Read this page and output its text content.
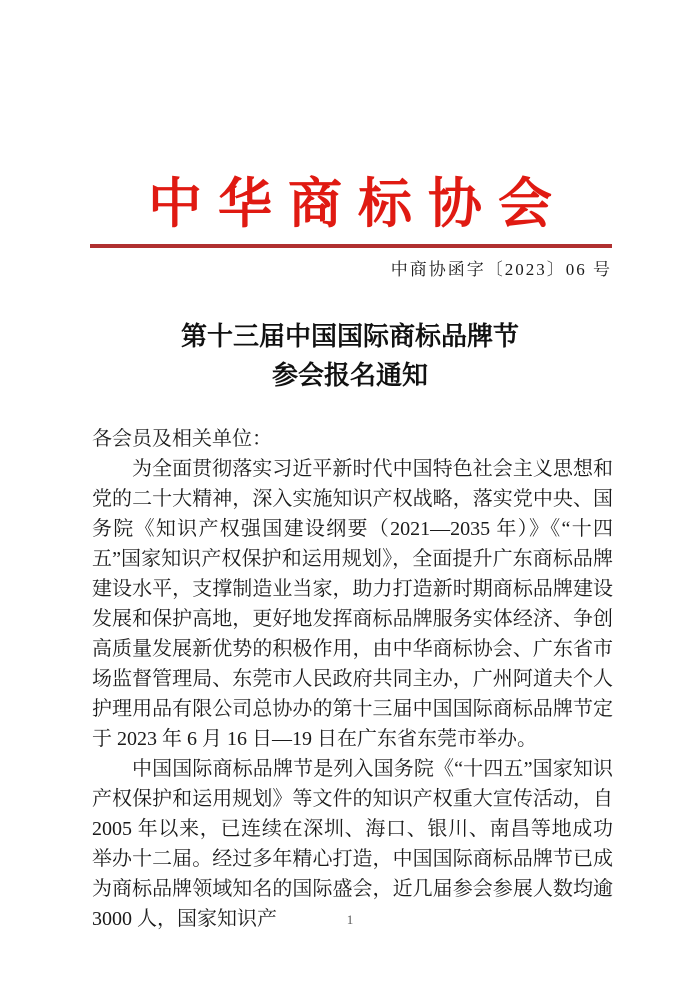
中华商标协会
中商协函字〔2023〕06 号
第十三届中国国际商标品牌节
参会报名通知

各会员及相关单位：

为全面贯彻落实习近平新时代中国特色社会主义思想和党的二十大精神，深入实施知识产权战略，落实党中央、国务院《知识产权强国建设纲要（2021—2035 年）》《“十四五”国家知识产权保护和运用规划》，全面提升广东商标品牌建设水平，支撑制造业当家，助力打造新时期商标品牌建设发展和保护高地，更好地发挥商标品牌服务实体经济、争创高质量发展新优势的积极作用，由中华商标协会、广东省市场监督管理局、东莞市人民政府共同主办，广州阿道夫个人护理用品有限公司总协办的第十三届中国国际商标品牌节定于 2023 年 6 月 16 日—19 日在广东省东莞市举办。

中国国际商标品牌节是列入国务院《“十四五”国家知识产权保护和运用规划》等文件的知识产权重大宣传活动，自 2005 年以来，已连续在深圳、海口、银川、南昌等地成功举办十二届。经过多年精心打造，中国国际商标品牌节已成为商标品牌领域知名的国际盛会，近几届参会参展人数均逾 3000 人，国家知识产	1
